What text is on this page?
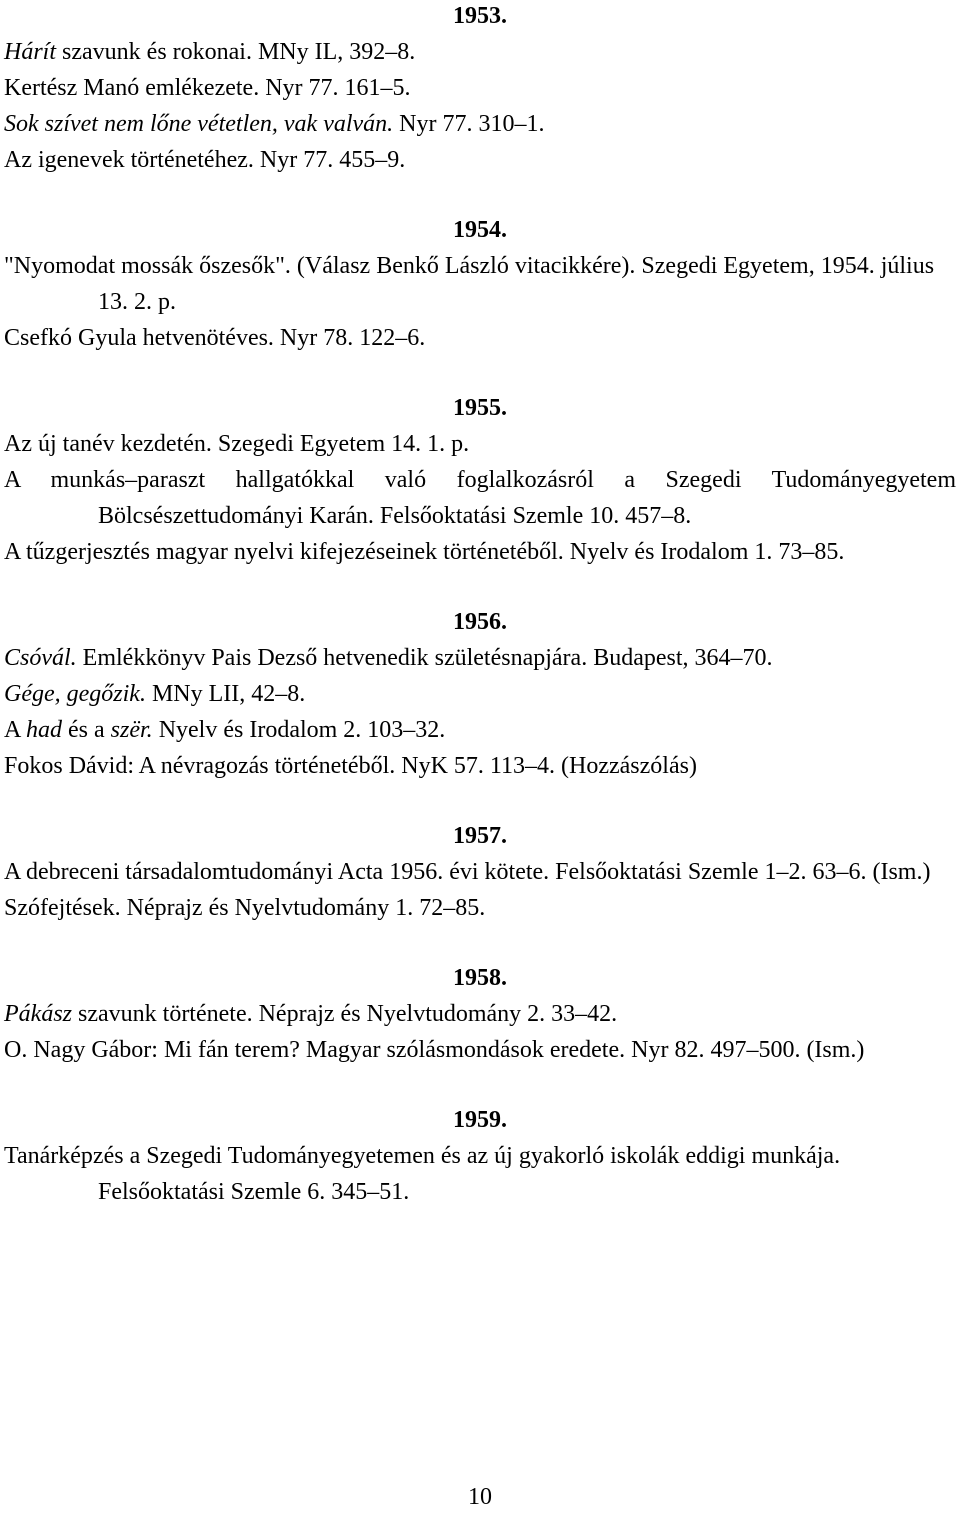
1953.
Hárít szavunk és rokonai. MNy IL, 392–8.
Kertész Manó emlékezete. Nyr 77. 161–5.
Sok szívet nem lőne vétetlen, vak valván. Nyr 77. 310–1.
Az igenevek történetéhez. Nyr 77. 455–9.
1954.
"Nyomodat mossák őszesők". (Válasz Benkő László vitacikkére). Szegedi Egyetem, 1954. július 13. 2. p.
Csefkó Gyula hetvenötéves. Nyr 78. 122–6.
1955.
Az új tanév kezdetén. Szegedi Egyetem 14. 1. p.
A munkás–paraszt hallgatókkal való foglalkozásról a Szegedi Tudományegyetem Bölcsészettudományi Karán. Felsőoktatási Szemle 10. 457–8.
A tűzgerjesztés magyar nyelvi kifejezéseinek történetéből. Nyelv és Irodalom 1. 73–85.
1956.
Csóvál. Emlékkönyv Pais Dezső hetvenedik születésnapjára. Budapest, 364–70.
Gége, gegőzik. MNy LII, 42–8.
A had és a szër. Nyelv és Irodalom 2. 103–32.
Fokos Dávid: A névragozás történetéből. NyK 57. 113–4. (Hozzászólás)
1957.
A debreceni társadalomtudományi Acta 1956. évi kötete. Felsőoktatási Szemle 1–2. 63–6. (Ism.)
Szófejtések. Néprajz és Nyelvtudomány 1. 72–85.
1958.
Pákász szavunk története. Néprajz és Nyelvtudomány 2. 33–42.
O. Nagy Gábor: Mi fán terem? Magyar szólásmondások eredete. Nyr 82. 497–500. (Ism.)
1959.
Tanárképzés a Szegedi Tudományegyetemen és az új gyakorló iskolák eddigi munkája. Felsőoktatási Szemle 6. 345–51.
10
